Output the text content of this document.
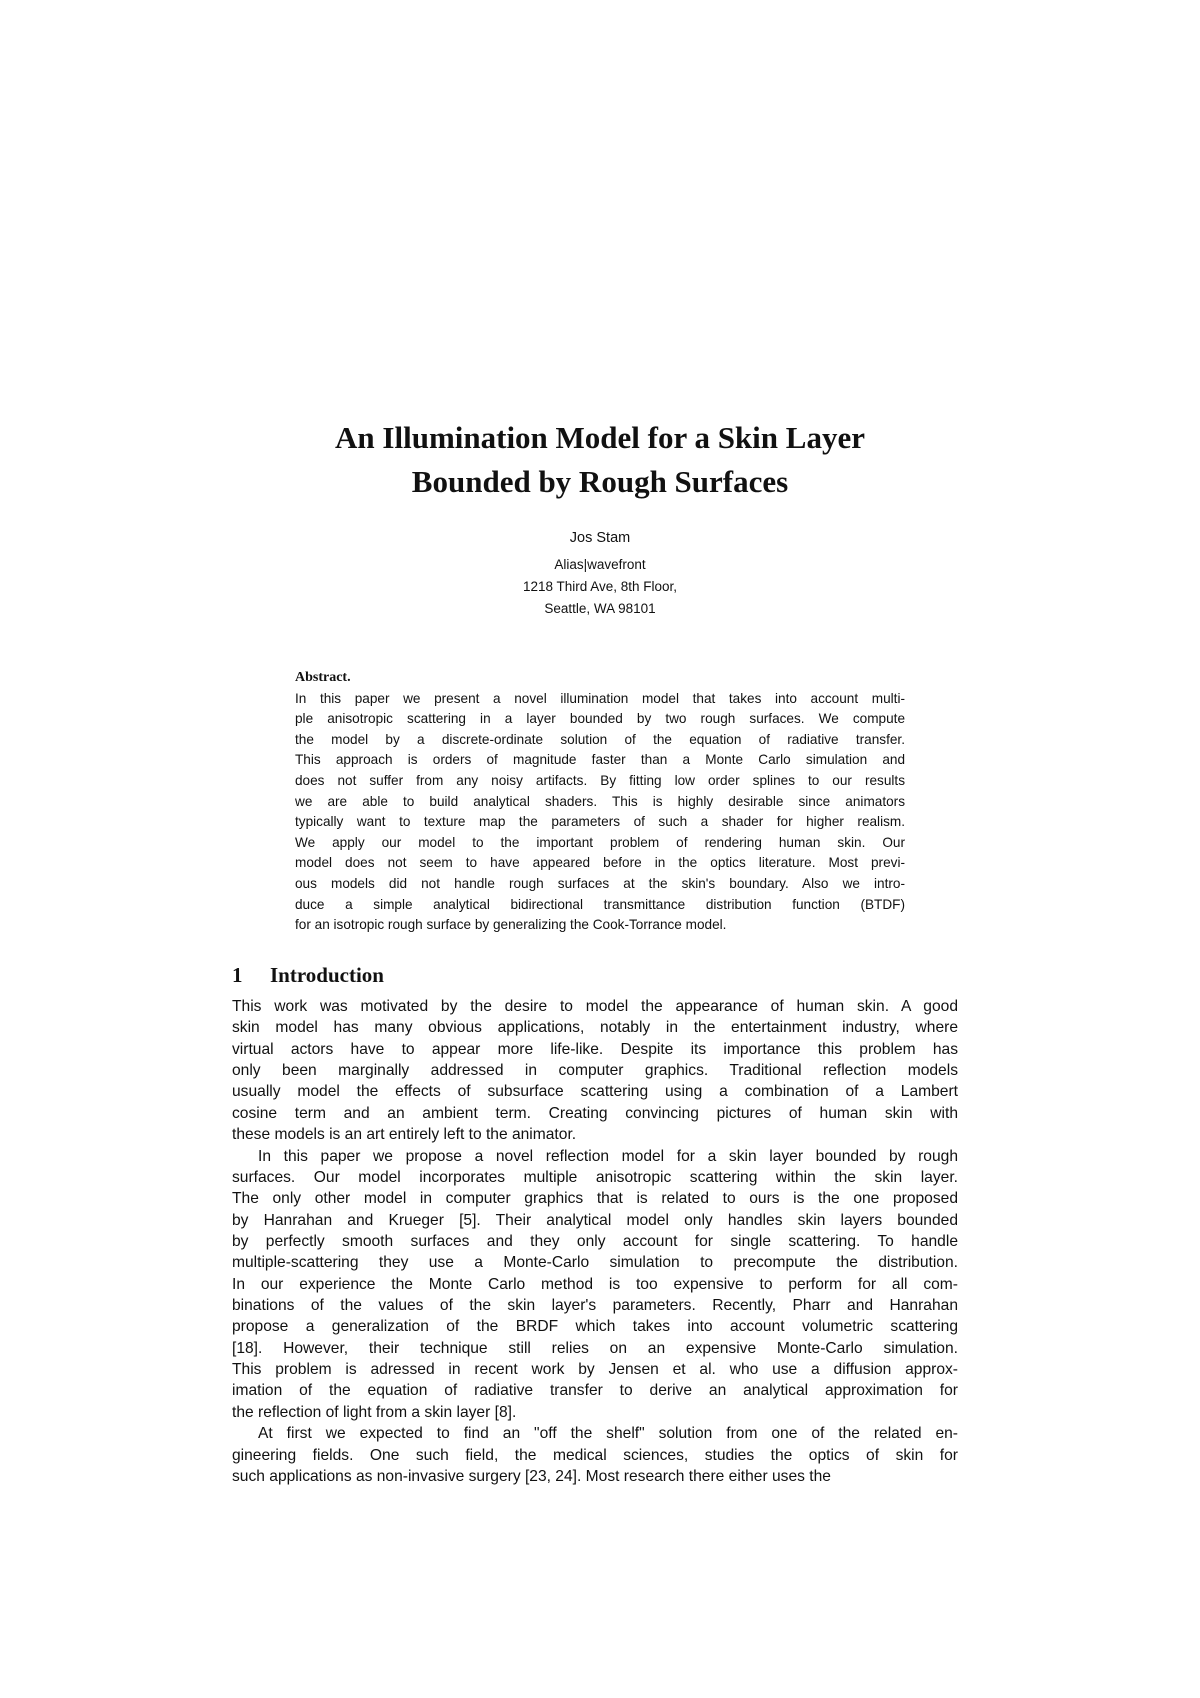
An Illumination Model for a Skin Layer
Bounded by Rough Surfaces
Jos Stam
Alias|wavefront
1218 Third Ave, 8th Floor,
Seattle, WA 98101
Abstract.
In this paper we present a novel illumination model that takes into account multi-
ple anisotropic scattering in a layer bounded by two rough surfaces. We compute
the model by a discrete-ordinate solution of the equation of radiative transfer.
This approach is orders of magnitude faster than a Monte Carlo simulation and
does not suffer from any noisy artifacts. By fitting low order splines to our results
we are able to build analytical shaders. This is highly desirable since animators
typically want to texture map the parameters of such a shader for higher realism.
We apply our model to the important problem of rendering human skin. Our
model does not seem to have appeared before in the optics literature. Most previ-
ous models did not handle rough surfaces at the skin's boundary. Also we intro-
duce a simple analytical bidirectional transmittance distribution function (BTDF)
for an isotropic rough surface by generalizing the Cook-Torrance model.
1 Introduction
This work was motivated by the desire to model the appearance of human skin. A good
skin model has many obvious applications, notably in the entertainment industry, where
virtual actors have to appear more life-like. Despite its importance this problem has
only been marginally addressed in computer graphics. Traditional reflection models
usually model the effects of subsurface scattering using a combination of a Lambert
cosine term and an ambient term. Creating convincing pictures of human skin with
these models is an art entirely left to the animator.
In this paper we propose a novel reflection model for a skin layer bounded by rough
surfaces. Our model incorporates multiple anisotropic scattering within the skin layer.
The only other model in computer graphics that is related to ours is the one proposed
by Hanrahan and Krueger [5]. Their analytical model only handles skin layers bounded
by perfectly smooth surfaces and they only account for single scattering. To handle
multiple-scattering they use a Monte-Carlo simulation to precompute the distribution.
In our experience the Monte Carlo method is too expensive to perform for all com-
binations of the values of the skin layer's parameters. Recently, Pharr and Hanrahan
propose a generalization of the BRDF which takes into account volumetric scattering
[18]. However, their technique still relies on an expensive Monte-Carlo simulation.
This problem is adressed in recent work by Jensen et al. who use a diffusion approx-
imation of the equation of radiative transfer to derive an analytical approximation for
the reflection of light from a skin layer [8].
At first we expected to find an "off the shelf" solution from one of the related en-
gineering fields. One such field, the medical sciences, studies the optics of skin for
such applications as non-invasive surgery [23, 24]. Most research there either uses the
